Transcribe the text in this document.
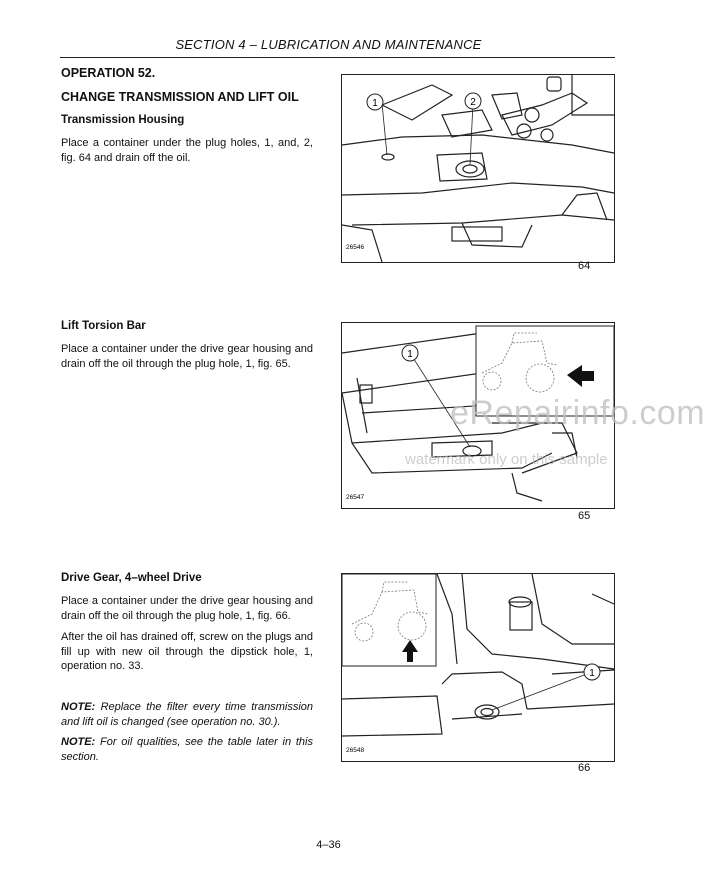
SECTION 4 – LUBRICATION AND MAINTENANCE
OPERATION 52.
CHANGE TRANSMISSION AND LIFT OIL
Transmission Housing
Place a container under the plug holes, 1, and, 2, fig. 64 and drain off the oil.
1	2
26546
64
Lift Torsion Bar
Place a container under the drive gear housing and drain off the oil through the plug hole, 1, fig. 65.
1
26547
65
Drive Gear, 4–wheel Drive
Place a container under the drive gear housing and drain off the oil through the plug hole, 1, fig. 66.
After the oil has drained off, screw on the plugs and fill up with new oil through the dipstick hole, 1, operation no. 33.
NOTE: Replace the filter every time transmission and lift oil is changed (see operation no. 30.).
NOTE: For oil qualities, see the table later in this section.
1
26548
66
eRepairinfo.com
watermark only on this sample
4–36
